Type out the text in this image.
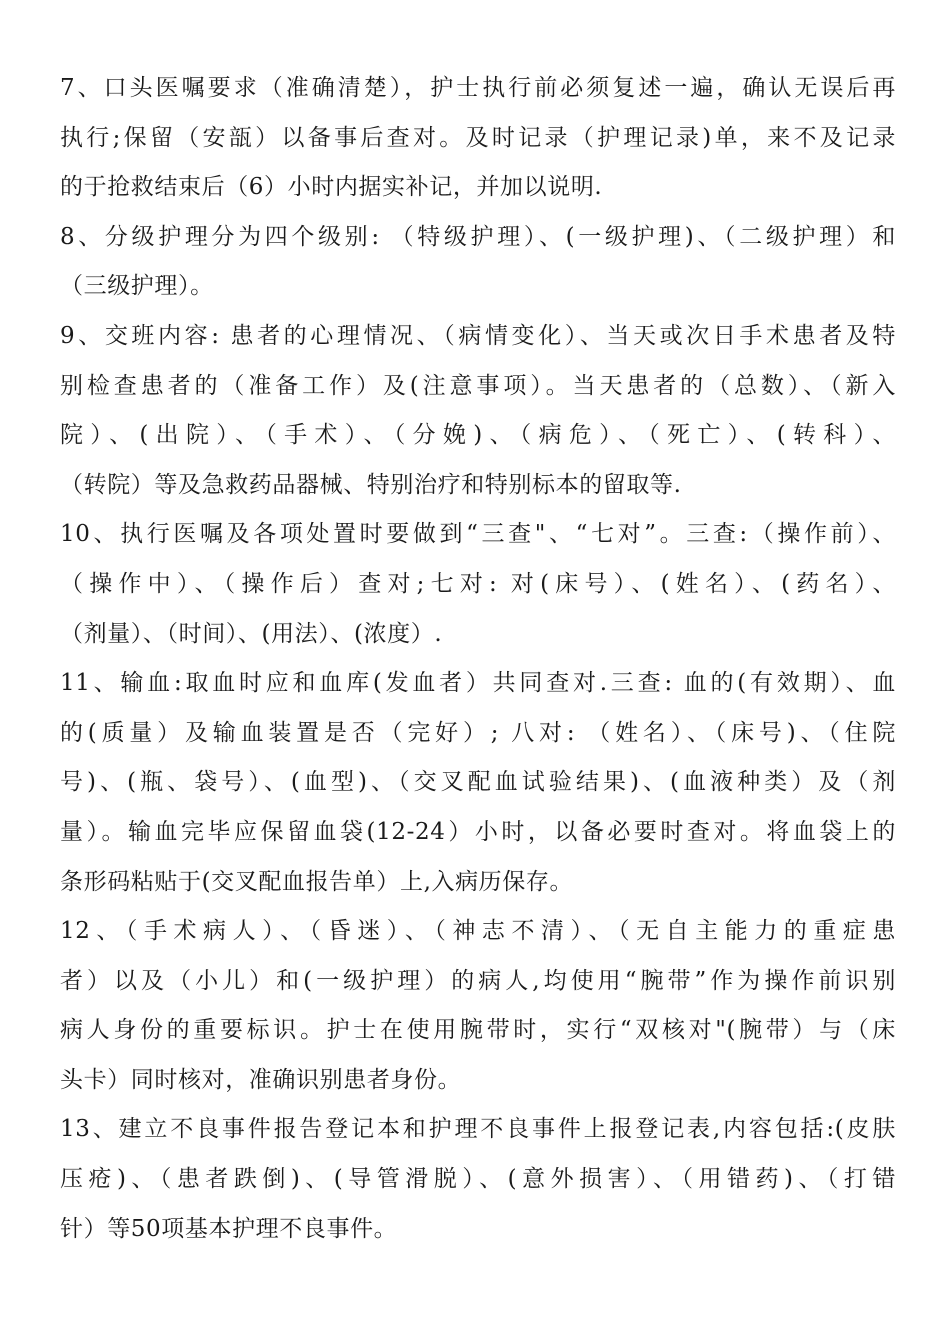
7、口头医嘱要求（准确清楚），护士执行前必须复述一遍，确认无误后再
执行;保留（安瓿）以备事后查对。及时记录（护理记录)单，来不及记录
的于抢救结束后（6）小时内据实补记，并加以说明.
8、分级护理分为四个级别: （特级护理）、(一级护理)、（二级护理）和
（三级护理）。
9、交班内容: 患者的心理情况、（病情变化）、当天或次日手术患者及特
别检查患者的（准备工作）及(注意事项）。当天患者的（总数）、（新入
院）、(出院）、（手术）、（分娩)、（病危）、（死亡）、(转科）、
（转院）等及急救药品器械、特别治疗和特别标本的留取等.
10、执行医嘱及各项处置时要做到“三查"、“七对”。三查:（操作前）、
（操作中）、（操作后）查对;七对: 对(床号）、(姓名）、(药名）、
（剂量）、（时间）、(用法）、(浓度）.
11、输血:取血时应和血库(发血者）共同查对.三查: 血的(有效期）、血
的(质量）及输血装置是否（完好）; 八对: （姓名）、（床号)、（住院
号)、(瓶、袋号）、(血型)、（交叉配血试验结果)、(血液种类）及（剂
量）。输血完毕应保留血袋(12-24）小时，以备必要时查对。将血袋上的
条形码粘贴于(交叉配血报告单）上,入病历保存。
12、（手术病人）、（昏迷）、（神志不清）、（无自主能力的重症患
者）以及（小儿）和(一级护理）的病人,均使用“腕带”作为操作前识别
病人身份的重要标识。护士在使用腕带时，实行“双核对"(腕带）与（床
头卡）同时核对，准确识别患者身份。
13、建立不良事件报告登记本和护理不良事件上报登记表,内容包括:(皮肤
压疮)、（患者跌倒)、(导管滑脱）、(意外损害）、（用错药)、（打错
针）等50项基本护理不良事件。
